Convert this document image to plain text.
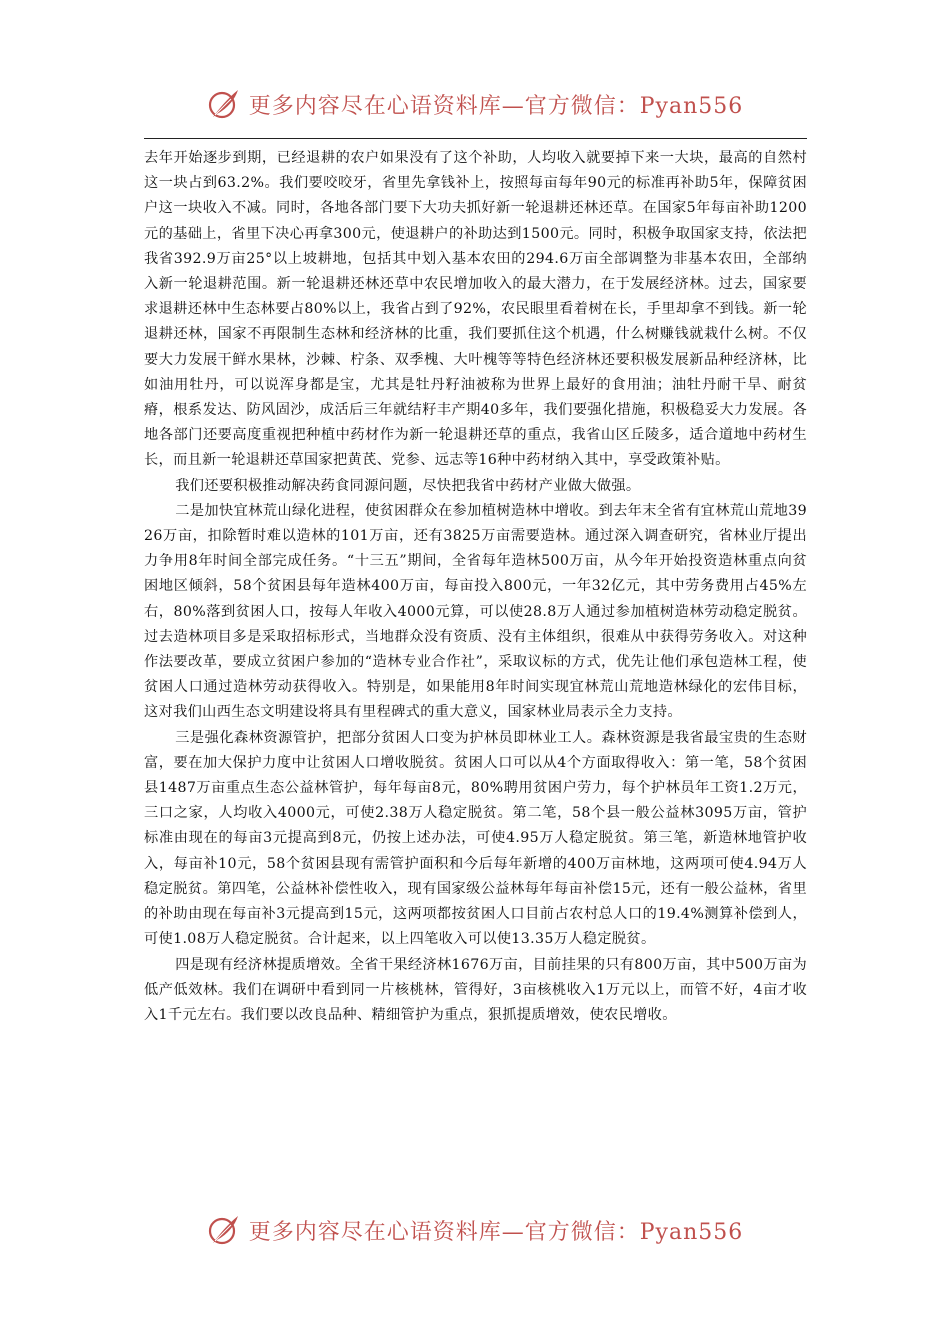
更多内容尽在心语资料库—官方微信：Pyan556

去年开始逐步到期，已经退耕的农户如果没有了这个补助，人均收入就要掉下来一大块，最高的自然村这一块占到63.2%。我们要咬咬牙，省里先拿钱补上，按照每亩每年90元的标准再补助5年，保障贫困户这一块收入不减。同时，各地各部门要下大功夫抓好新一轮退耕还林还草。在国家5年每亩补助1200元的基础上，省里下决心再拿300元，使退耕户的补助达到1500元。同时，积极争取国家支持，依法把我省392.9万亩25°以上坡耕地，包括其中划入基本农田的294.6万亩全部调整为非基本农田，全部纳入新一轮退耕范围。新一轮退耕还林还草中农民增加收入的最大潜力，在于发展经济林。过去，国家要求退耕还林中生态林要占80%以上，我省占到了92%，农民眼里看着树在长，手里却拿不到钱。新一轮退耕还林，国家不再限制生态林和经济林的比重，我们要抓住这个机遇，什么树赚钱就栽什么树。不仅要大力发展干鲜水果林，沙棘、柠条、双季槐、大叶槐等等特色经济林还要积极发展新品种经济林，比如油用牡丹，可以说浑身都是宝，尤其是牡丹籽油被称为世界上最好的食用油；油牡丹耐干旱、耐贫瘠，根系发达、防风固沙，成活后三年就结籽丰产期40多年，我们要强化措施，积极稳妥大力发展。各地各部门还要高度重视把种植中药材作为新一轮退耕还草的重点，我省山区丘陵多，适合道地中药材生长，而且新一轮退耕还草国家把黄芪、党参、远志等16种中药材纳入其中，享受政策补贴。

我们还要积极推动解决药食同源问题，尽快把我省中药材产业做大做强。

二是加快宜林荒山绿化进程，使贫困群众在参加植树造林中增收。到去年末全省有宜林荒山荒地3926万亩，扣除暂时难以造林的101万亩，还有3825万亩需要造林。通过深入调查研究，省林业厅提出力争用8年时间全部完成任务。“十三五”期间，全省每年造林500万亩，从今年开始投资造林重点向贫困地区倾斜，58个贫困县每年造林400万亩，每亩投入800元，一年32亿元，其中劳务费用占45%左右，80%落到贫困人口，按每人年收入4000元算，可以使28.8万人通过参加植树造林劳动稳定脱贫。过去造林项目多是采取招标形式，当地群众没有资质、没有主体组织，很难从中获得劳务收入。对这种作法要改革，要成立贫困户参加的“造林专业合作社”，采取议标的方式，优先让他们承包造林工程，使贫困人口通过造林劳动获得收入。特别是，如果能用8年时间实现宜林荒山荒地造林绿化的宏伟目标，这对我们山西生态文明建设将具有里程碑式的重大意义，国家林业局表示全力支持。

三是强化森林资源管护，把部分贫困人口变为护林员即林业工人。森林资源是我省最宝贵的生态财富，要在加大保护力度中让贫困人口增收脱贫。贫困人口可以从4个方面取得收入：第一笔，58个贫困县1487万亩重点生态公益林管护，每年每亩8元，80%聘用贫困户劳力，每个护林员年工资1.2万元，三口之家，人均收入4000元，可使2.38万人稳定脱贫。第二笔，58个县一般公益林3095万亩，管护标准由现在的每亩3元提高到8元，仍按上述办法，可使4.95万人稳定脱贫。第三笔，新造林地管护收入，每亩补10元，58个贫困县现有需管护面积和今后每年新增的400万亩林地，这两项可使4.94万人稳定脱贫。第四笔，公益林补偿性收入，现有国家级公益林每年每亩补偿15元，还有一般公益林，省里的补助由现在每亩补3元提高到15元，这两项都按贫困人口目前占农村总人口的19.4%测算补偿到人，可使1.08万人稳定脱贫。合计起来，以上四笔收入可以使13.35万人稳定脱贫。

四是现有经济林提质增效。全省干果经济林1676万亩，目前挂果的只有800万亩，其中500万亩为低产低效林。我们在调研中看到同一片核桃林，管得好，3亩核桃收入1万元以上，而管不好，4亩才收入1千元左右。我们要以改良品种、精细管护为重点，狠抓提质增效，使农民增收。

更多内容尽在心语资料库—官方微信：Pyan556
